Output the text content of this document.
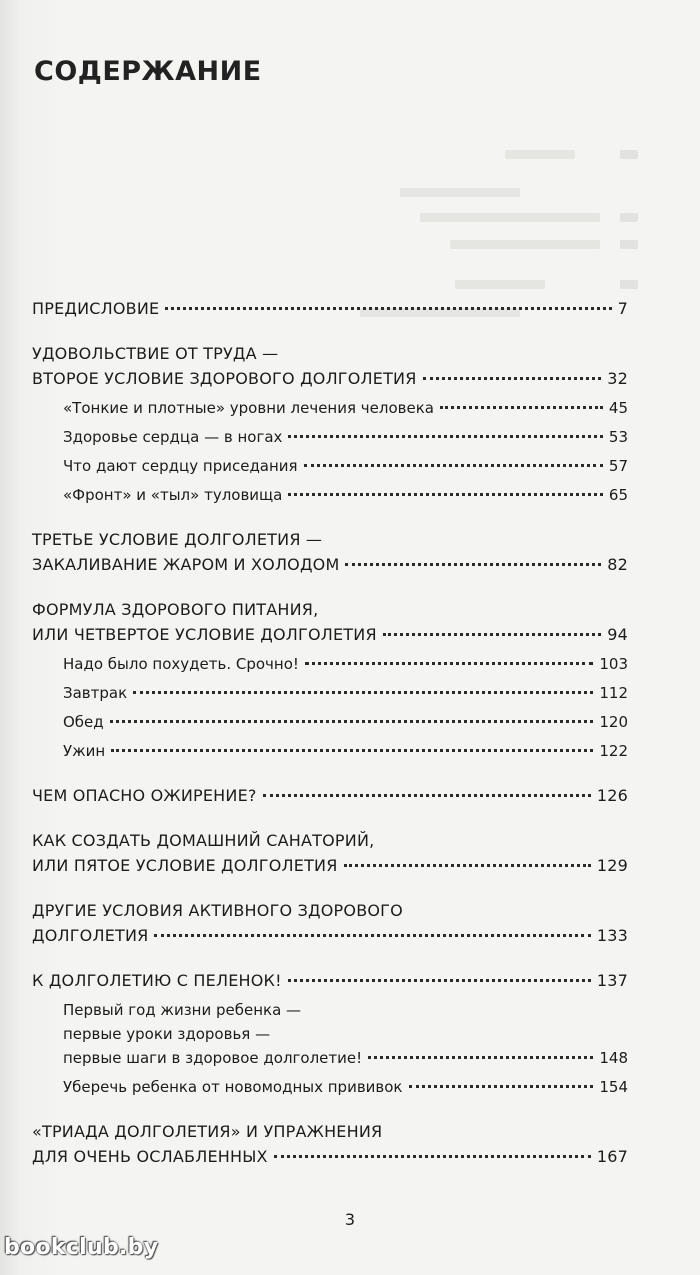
СОДЕРЖАНИЕ
ПРЕДИСЛОВИЕ	7
УДОВОЛЬСТВИЕ ОТ ТРУДА —
ВТОРОЕ УСЛОВИЕ ЗДОРОВОГО ДОЛГОЛЕТИЯ	32
«Тонкие и плотные» уровни лечения человека	45
Здоровье сердца — в ногах	53
Что дают сердцу приседания	57
«Фронт» и «тыл» туловища	65
ТРЕТЬЕ УСЛОВИЕ ДОЛГОЛЕТИЯ —
ЗАКАЛИВАНИЕ ЖАРОМ И ХОЛОДОМ	82
ФОРМУЛА ЗДОРОВОГО ПИТАНИЯ,
ИЛИ ЧЕТВЕРТОЕ УСЛОВИЕ ДОЛГОЛЕТИЯ	94
Надо было похудеть. Срочно!	103
Завтрак	112
Обед	120
Ужин	122
ЧЕМ ОПАСНО ОЖИРЕНИЕ?	126
КАК СОЗДАТЬ ДОМАШНИЙ САНАТОРИЙ,
ИЛИ ПЯТОЕ УСЛОВИЕ ДОЛГОЛЕТИЯ	129
ДРУГИЕ УСЛОВИЯ АКТИВНОГО ЗДОРОВОГО
ДОЛГОЛЕТИЯ	133
К ДОЛГОЛЕТИЮ С ПЕЛЕНОК!	137
Первый год жизни ребенка —
первые уроки здоровья —
первые шаги в здоровое долголетие!	148
Уберечь ребенка от новомодных прививок	154
«ТРИАДА ДОЛГОЛЕТИЯ» И УПРАЖНЕНИЯ
ДЛЯ ОЧЕНЬ ОСЛАБЛЕННЫХ	167
3
bookclub.by
